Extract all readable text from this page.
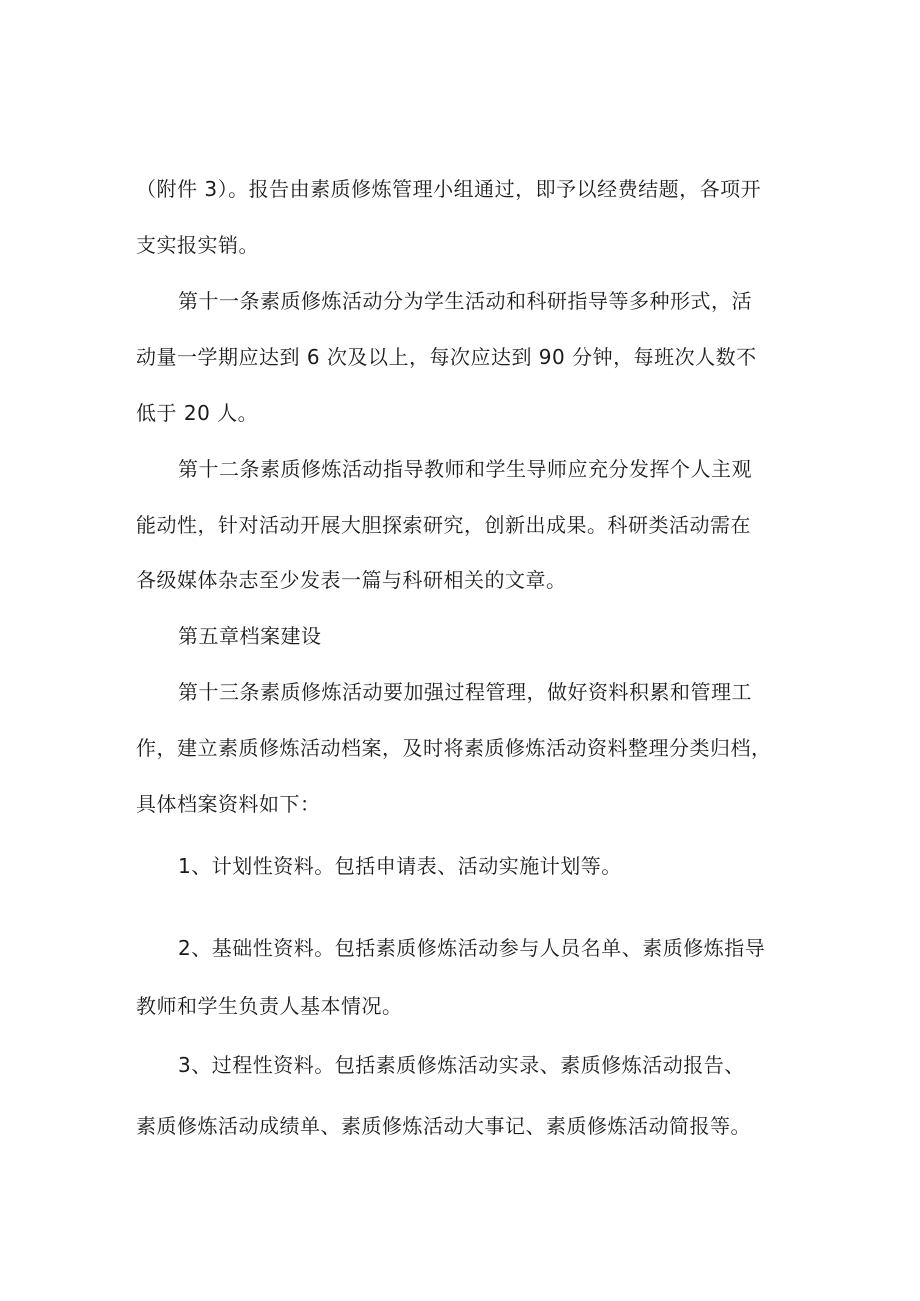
（附件 3）。报告由素质修炼管理小组通过，即予以经费结题，各项开
支实报实销。
第十一条素质修炼活动分为学生活动和科研指导等多种形式，活
动量一学期应达到 6 次及以上，每次应达到 90 分钟，每班次人数不
低于 20 人。
第十二条素质修炼活动指导教师和学生导师应充分发挥个人主观
能动性，针对活动开展大胆探索研究，创新出成果。科研类活动需在
各级媒体杂志至少发表一篇与科研相关的文章。
第五章档案建设
第十三条素质修炼活动要加强过程管理，做好资料积累和管理工
作，建立素质修炼活动档案，及时将素质修炼活动资料整理分类归档，
具体档案资料如下：
1、计划性资料。包括申请表、活动实施计划等。
2、基础性资料。包括素质修炼活动参与人员名单、素质修炼指导
教师和学生负责人基本情况。
3、过程性资料。包括素质修炼活动实录、素质修炼活动报告、
素质修炼活动成绩单、素质修炼活动大事记、素质修炼活动简报等。
